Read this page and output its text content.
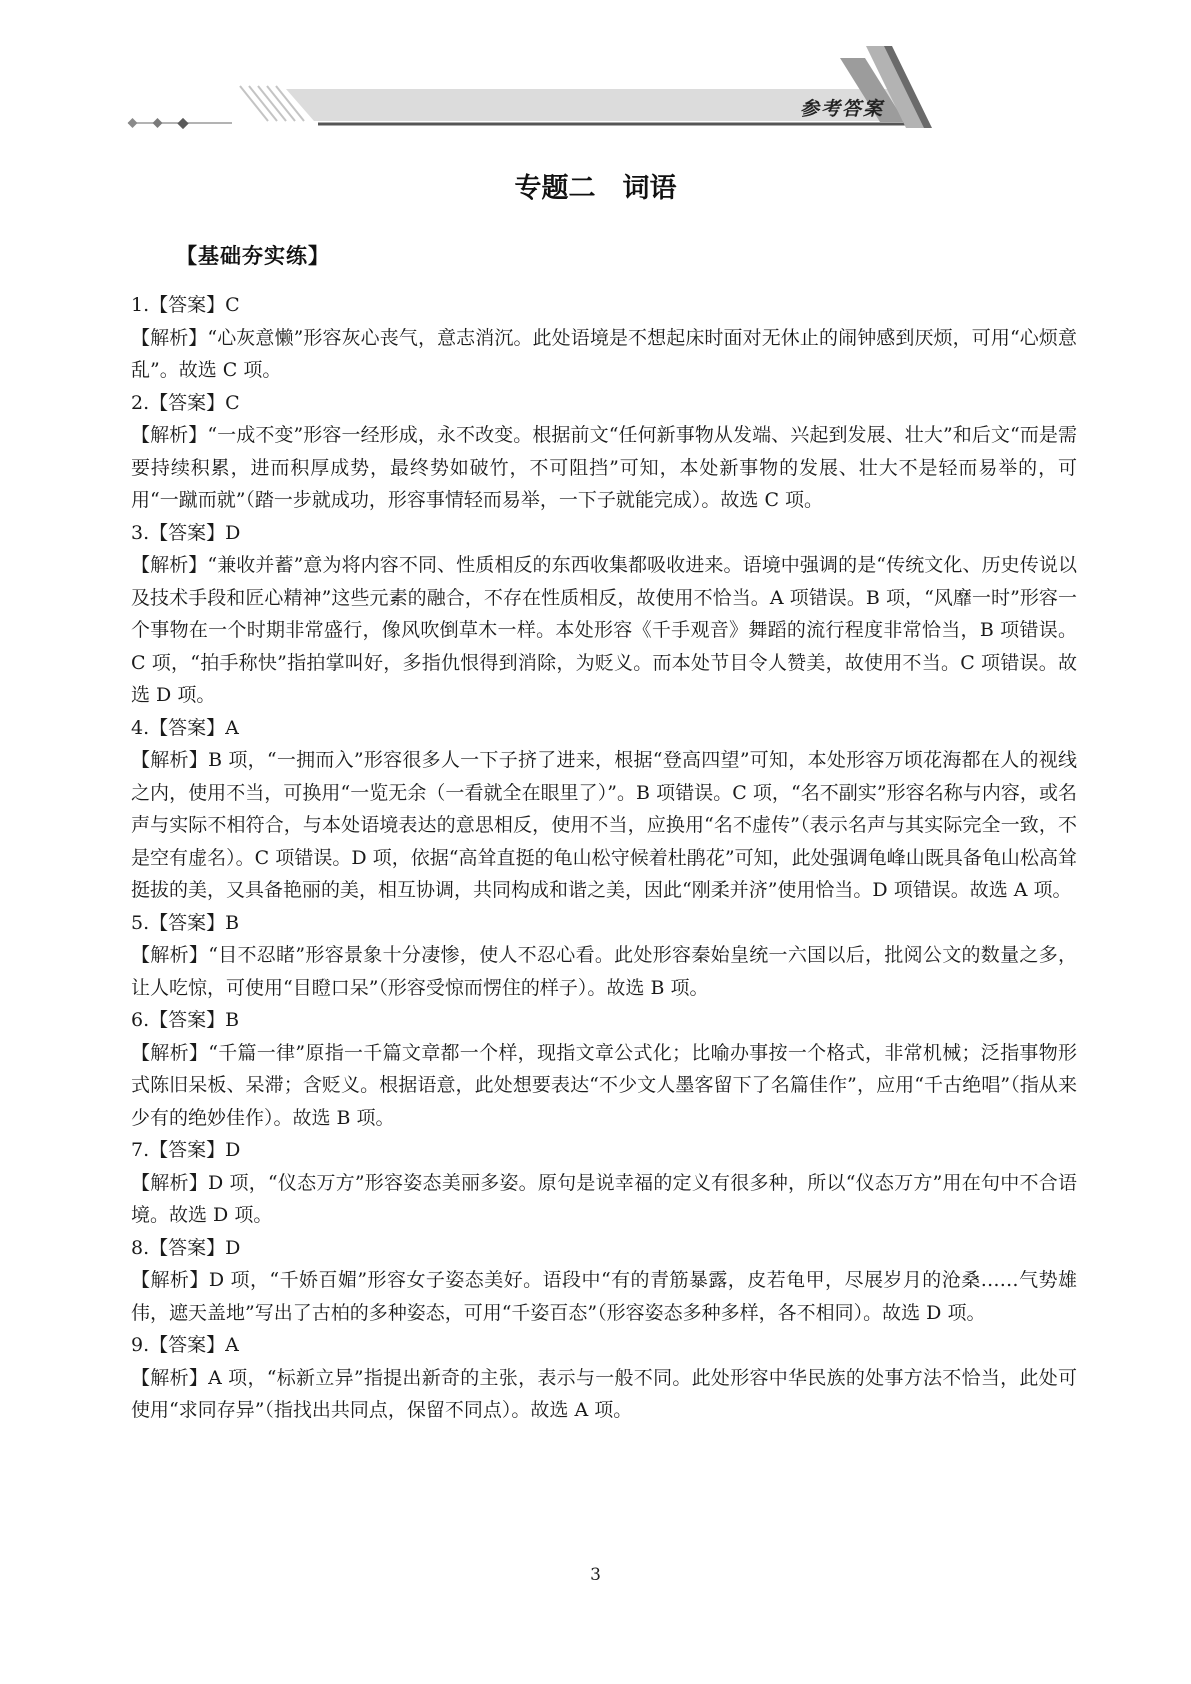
参考答案
专题二　词语
【基础夯实练】

1.【答案】C

【解析】“心灰意懒”形容灰心丧气，意志消沉。此处语境是不想起床时面对无休止的闹钟感到厌烦，可用“心烦意乱”。故选 C 项。

2.【答案】C

【解析】“一成不变”形容一经形成，永不改变。根据前文“任何新事物从发端、兴起到发展、壮大”和后文“而是需要持续积累，进而积厚成势，最终势如破竹，不可阻挡”可知，本处新事物的发展、壮大不是轻而易举的，可用“一蹴而就”（踏一步就成功，形容事情轻而易举，一下子就能完成）。故选 C 项。

3.【答案】D

【解析】“兼收并蓄”意为将内容不同、性质相反的东西收集都吸收进来。语境中强调的是“传统文化、历史传说以及技术手段和匠心精神”这些元素的融合，不存在性质相反，故使用不恰当。A 项错误。B 项，“风靡一时”形容一个事物在一个时期非常盛行，像风吹倒草木一样。本处形容《千手观音》舞蹈的流行程度非常恰当，B 项错误。C 项，“拍手称快”指拍掌叫好，多指仇恨得到消除，为贬义。而本处节目令人赞美，故使用不当。C 项错误。故选 D 项。

4.【答案】A

【解析】B 项，“一拥而入”形容很多人一下子挤了进来，根据“登高四望”可知，本处形容万顷花海都在人的视线之内，使用不当，可换用“一览无余（一看就全在眼里了）”。B 项错误。C 项，“名不副实”形容名称与内容，或名声与实际不相符合，与本处语境表达的意思相反，使用不当，应换用“名不虚传”（表示名声与其实际完全一致，不是空有虚名）。C 项错误。D 项，依据“高耸直挺的龟山松守候着杜鹃花”可知，此处强调龟峰山既具备龟山松高耸挺拔的美，又具备艳丽的美，相互协调，共同构成和谐之美，因此“刚柔并济”使用恰当。D 项错误。故选 A 项。

5.【答案】B

【解析】“目不忍睹”形容景象十分凄惨，使人不忍心看。此处形容秦始皇统一六国以后，批阅公文的数量之多，让人吃惊，可使用“目瞪口呆”（形容受惊而愣住的样子）。故选 B 项。

6.【答案】B

【解析】“千篇一律”原指一千篇文章都一个样，现指文章公式化；比喻办事按一个格式，非常机械；泛指事物形式陈旧呆板、呆滞；含贬义。根据语意，此处想要表达“不少文人墨客留下了名篇佳作”，应用“千古绝唱”（指从来少有的绝妙佳作）。故选 B 项。

7.【答案】D

【解析】D 项，“仪态万方”形容姿态美丽多姿。原句是说幸福的定义有很多种，所以“仪态万方”用在句中不合语境。故选 D 项。

8.【答案】D

【解析】D 项，“千娇百媚”形容女子姿态美好。语段中“有的青筋暴露，皮若龟甲，尽展岁月的沧桑……气势雄伟，遮天盖地”写出了古柏的多种姿态，可用“千姿百态”（形容姿态多种多样，各不相同）。故选 D 项。

9.【答案】A

【解析】A 项，“标新立异”指提出新奇的主张，表示与一般不同。此处形容中华民族的处事方法不恰当，此处可使用“求同存异”（指找出共同点，保留不同点）。故选 A 项。

3
